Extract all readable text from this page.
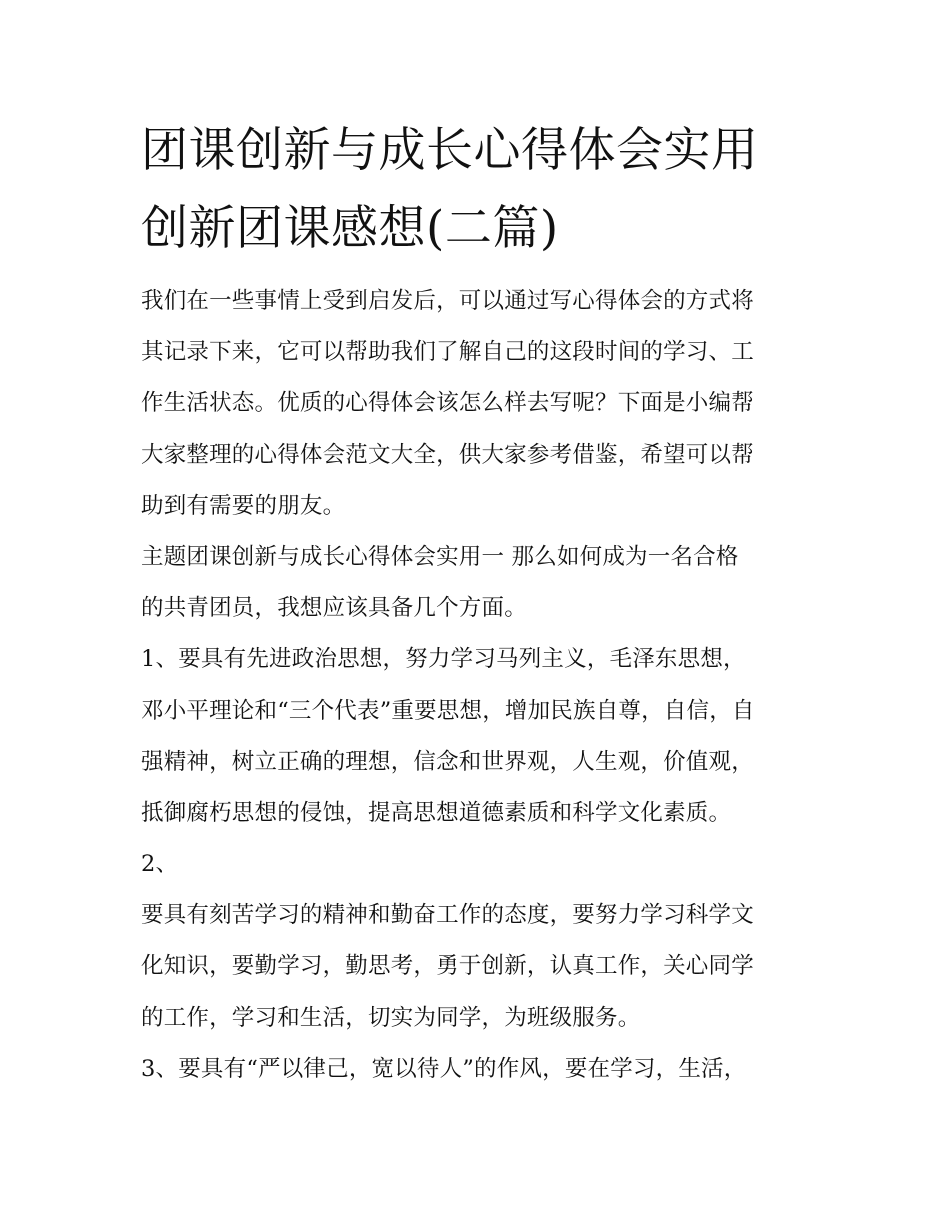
团课创新与成长心得体会实用
创新团课感想(二篇)
我们在一些事情上受到启发后，可以通过写心得体会的方式将
其记录下来，它可以帮助我们了解自己的这段时间的学习、工
作生活状态。优质的心得体会该怎么样去写呢？下面是小编帮
大家整理的心得体会范文大全，供大家参考借鉴，希望可以帮
助到有需要的朋友。
主题团课创新与成长心得体会实用一 那么如何成为一名合格
的共青团员，我想应该具备几个方面。
1、要具有先进政治思想，努力学习马列主义，毛泽东思想，
邓小平理论和“三个代表”重要思想，增加民族自尊，自信，自
强精神，树立正确的理想，信念和世界观，人生观，价值观，
抵御腐朽思想的侵蚀，提高思想道德素质和科学文化素质。
2、
要具有刻苦学习的精神和勤奋工作的态度，要努力学习科学文
化知识，要勤学习，勤思考，勇于创新，认真工作，关心同学
的工作，学习和生活，切实为同学，为班级服务。
3、要具有“严以律己，宽以待人”的作风，要在学习，生活，
